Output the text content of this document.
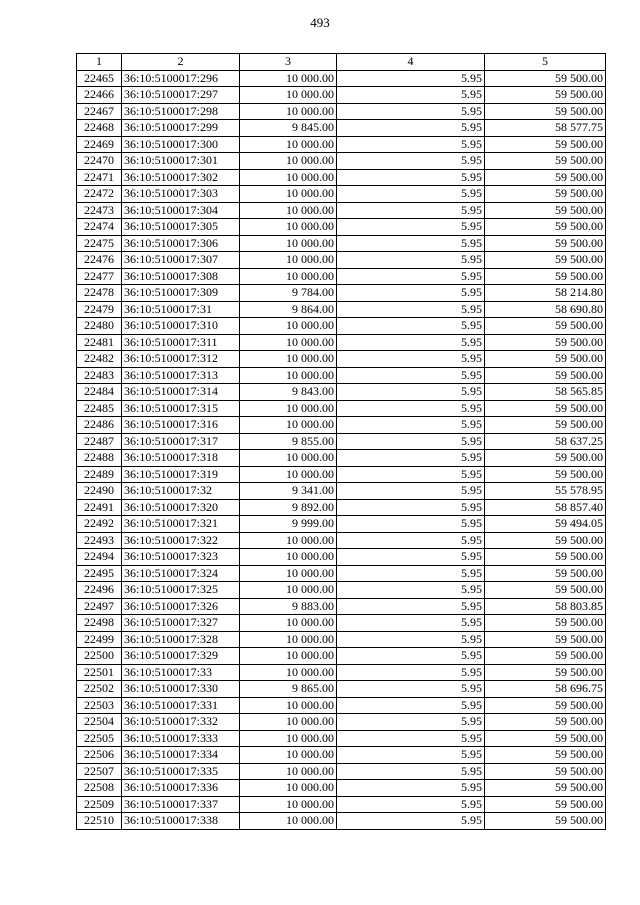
493
1	2	3	4	5
22465	36:10:5100017:296	10 000.00	5.95	59 500.00
22466	36:10:5100017:297	10 000.00	5.95	59 500.00
22467	36:10:5100017:298	10 000.00	5.95	59 500.00
22468	36:10:5100017:299	9 845.00	5.95	58 577.75
22469	36:10:5100017:300	10 000.00	5.95	59 500.00
22470	36:10:5100017:301	10 000.00	5.95	59 500.00
22471	36:10:5100017:302	10 000.00	5.95	59 500.00
22472	36:10:5100017:303	10 000.00	5.95	59 500.00
22473	36:10:5100017:304	10 000.00	5.95	59 500.00
22474	36:10:5100017:305	10 000.00	5.95	59 500.00
22475	36:10:5100017:306	10 000.00	5.95	59 500.00
22476	36:10:5100017:307	10 000.00	5.95	59 500.00
22477	36:10:5100017:308	10 000.00	5.95	59 500.00
22478	36:10:5100017:309	9 784.00	5.95	58 214.80
22479	36:10:5100017:31	9 864.00	5.95	58 690.80
22480	36:10:5100017:310	10 000.00	5.95	59 500.00
22481	36:10:5100017:311	10 000.00	5.95	59 500.00
22482	36:10:5100017:312	10 000.00	5.95	59 500.00
22483	36:10:5100017:313	10 000.00	5.95	59 500.00
22484	36:10:5100017:314	9 843.00	5.95	58 565.85
22485	36:10:5100017:315	10 000.00	5.95	59 500.00
22486	36:10:5100017:316	10 000.00	5.95	59 500.00
22487	36:10:5100017:317	9 855.00	5.95	58 637.25
22488	36:10:5100017:318	10 000.00	5.95	59 500.00
22489	36:10:5100017:319	10 000.00	5.95	59 500.00
22490	36:10:5100017:32	9 341.00	5.95	55 578.95
22491	36:10:5100017:320	9 892.00	5.95	58 857.40
22492	36:10:5100017:321	9 999.00	5.95	59 494.05
22493	36:10:5100017:322	10 000.00	5.95	59 500.00
22494	36:10:5100017:323	10 000.00	5.95	59 500.00
22495	36:10:5100017:324	10 000.00	5.95	59 500.00
22496	36:10:5100017:325	10 000.00	5.95	59 500.00
22497	36:10:5100017:326	9 883.00	5.95	58 803.85
22498	36:10:5100017:327	10 000.00	5.95	59 500.00
22499	36:10:5100017:328	10 000.00	5.95	59 500.00
22500	36:10:5100017:329	10 000.00	5.95	59 500.00
22501	36:10:5100017:33	10 000.00	5.95	59 500.00
22502	36:10:5100017:330	9 865.00	5.95	58 696.75
22503	36:10:5100017:331	10 000.00	5.95	59 500.00
22504	36:10:5100017:332	10 000.00	5.95	59 500.00
22505	36:10:5100017:333	10 000.00	5.95	59 500.00
22506	36:10:5100017:334	10 000.00	5.95	59 500.00
22507	36:10:5100017:335	10 000.00	5.95	59 500.00
22508	36:10:5100017:336	10 000.00	5.95	59 500.00
22509	36:10:5100017:337	10 000.00	5.95	59 500.00
22510	36:10:5100017:338	10 000.00	5.95	59 500.00
